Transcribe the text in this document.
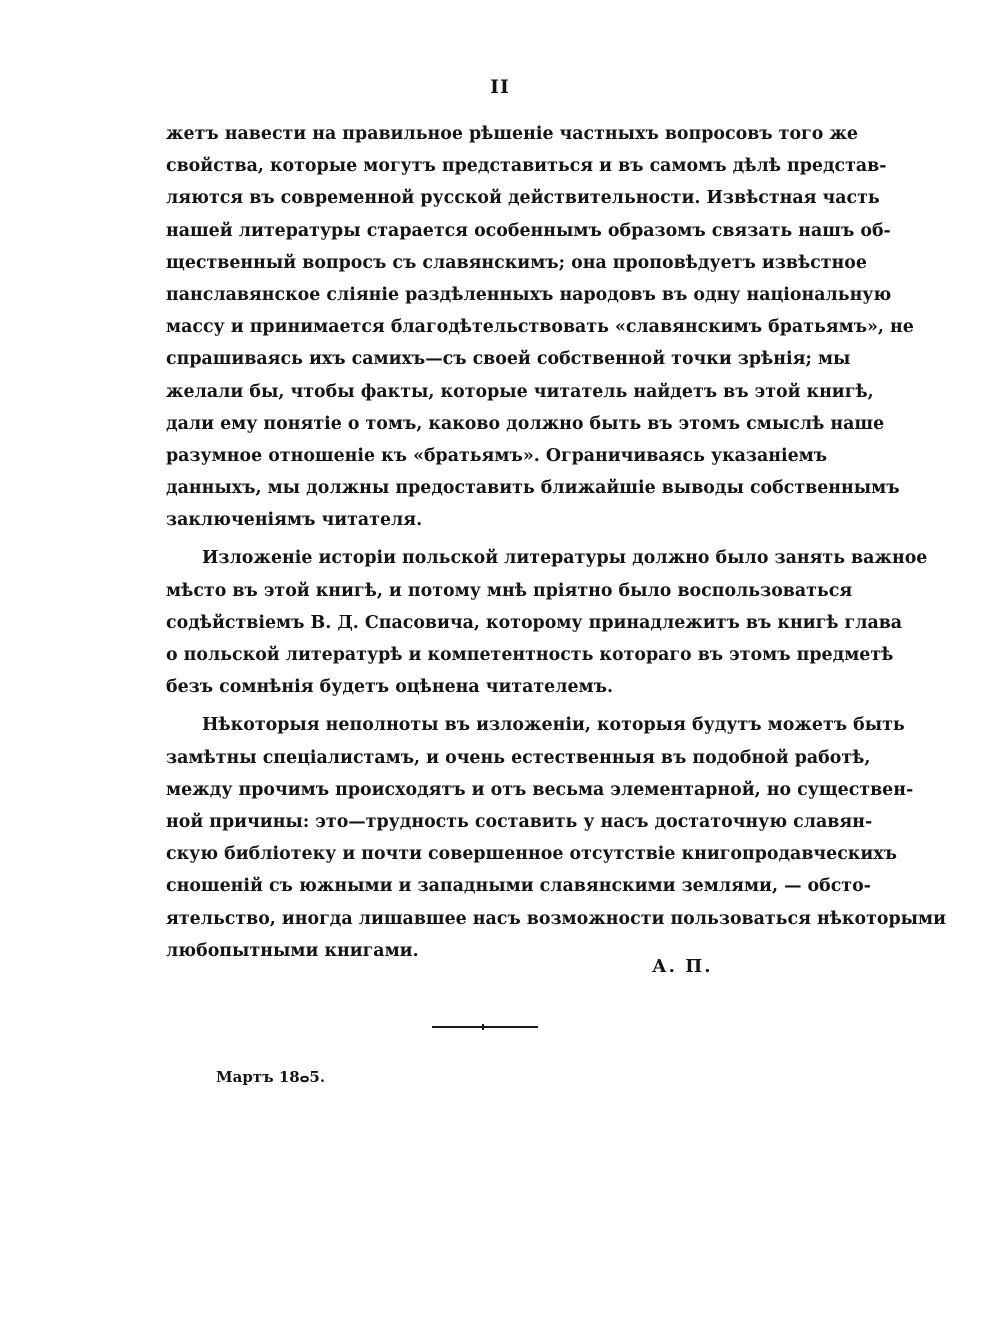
II
жетъ навести на правильное рѣшеніе частныхъ вопросовъ того же
свойства, которые могутъ представиться и въ самомъ дѣлѣ представ-
ляются въ современной русской действительности. Извѣстная часть
нашей литературы старается особеннымъ образомъ связать нашъ об-
щественный вопросъ съ славянскимъ; она проповѣдуетъ извѣстное
панславянское сліяніе раздѣленныхъ народовъ въ одну національную
массу и принимается благодѣтельствовать «славянскимъ братьямъ», не
спрашиваясь ихъ самихъ—съ своей собственной точки зрѣнія; мы
желали бы, чтобы факты, которые читатель найдетъ въ этой книгѣ,
дали ему понятіе о томъ, каково должно быть въ этомъ смыслѣ наше
разумное отношеніе къ «братьямъ». Ограничиваясь указаніемъ
данныхъ, мы должны предоставить ближайшіе выводы собственнымъ
заключеніямъ читателя.
Изложеніе исторіи польской литературы должно было занять важное
мѣсто въ этой книгѣ, и потому мнѣ пріятно было воспользоваться
содѣйствіемъ В. Д. Спасовича, которому принадлежитъ въ книгѣ глава
о польской литературѣ и компетентность котораго въ этомъ предметѣ
безъ сомнѣнія будетъ оцѣнена читателемъ.
Нѣкоторыя неполноты въ изложеніи, которыя будутъ можетъ быть
замѣтны спеціалистамъ, и очень естественныя въ подобной работѣ,
между прочимъ происходятъ и отъ весьма элементарной, но существен-
ной причины: это—трудность составить у насъ достаточную славян-
скую библіотеку и почти совершенное отсутствіе книгопродавческихъ
сношеній съ южными и западными славянскими землями, — обсто-
ятельство, иногда лишавшее насъ возможности пользоваться нѣкоторыми
любопытными книгами.
А. П.
Мартъ 18ⴰ5.
